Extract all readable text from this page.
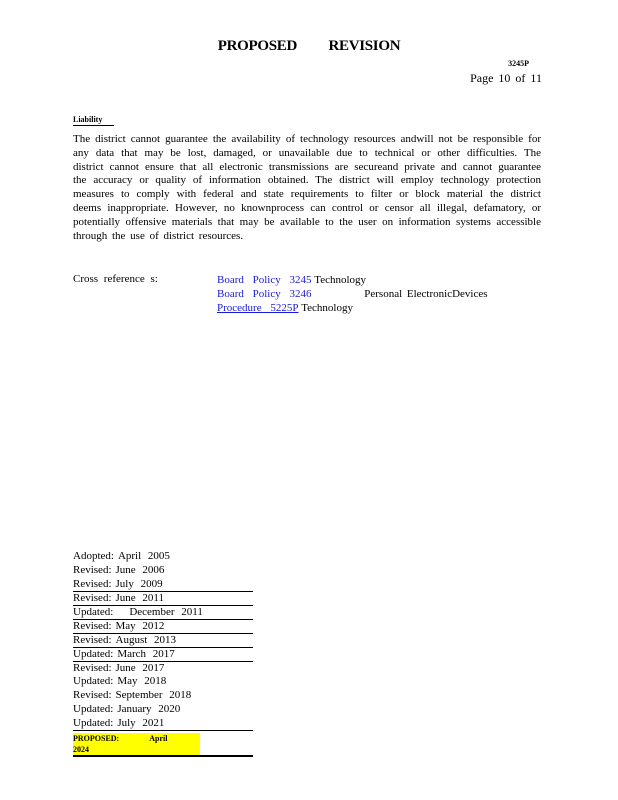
PROPOSED REVISION
3245P
Page 10 of 11
Liability
The district cannot guarantee the availability of technology resources andwill not be responsible for any data that may be lost, damaged, or unavailable due to technical or other difficulties. The district cannot ensure that all electronic transmissions are secureand private and cannot guarantee the accuracy or quality of information obtained. The district will employ technology protection measures to comply with federal and state requirements to filter or block material the district deems inappropriate. However, no knownprocess can control or censor all illegal, defamatory, or potentially offensive materials that may be available to the user on information systems accessible through the use of district resources.
Cross reference s:	Board Policy 3245 Technology
Board Policy 3246	Personal ElectronicDevices
Procedure 5225P Technology
Adopted: April 2005
Revised: June 2006
Revised: July 2009
Revised: June 2011
Updated: December 2011
Revised: May 2012
Revised: August 2013
Updated: March 2017
Revised: June 2017
Updated: May 2018
Revised: September 2018
Updated: January 2020
Updated: July 2021
PROPOSED:	April 2024
